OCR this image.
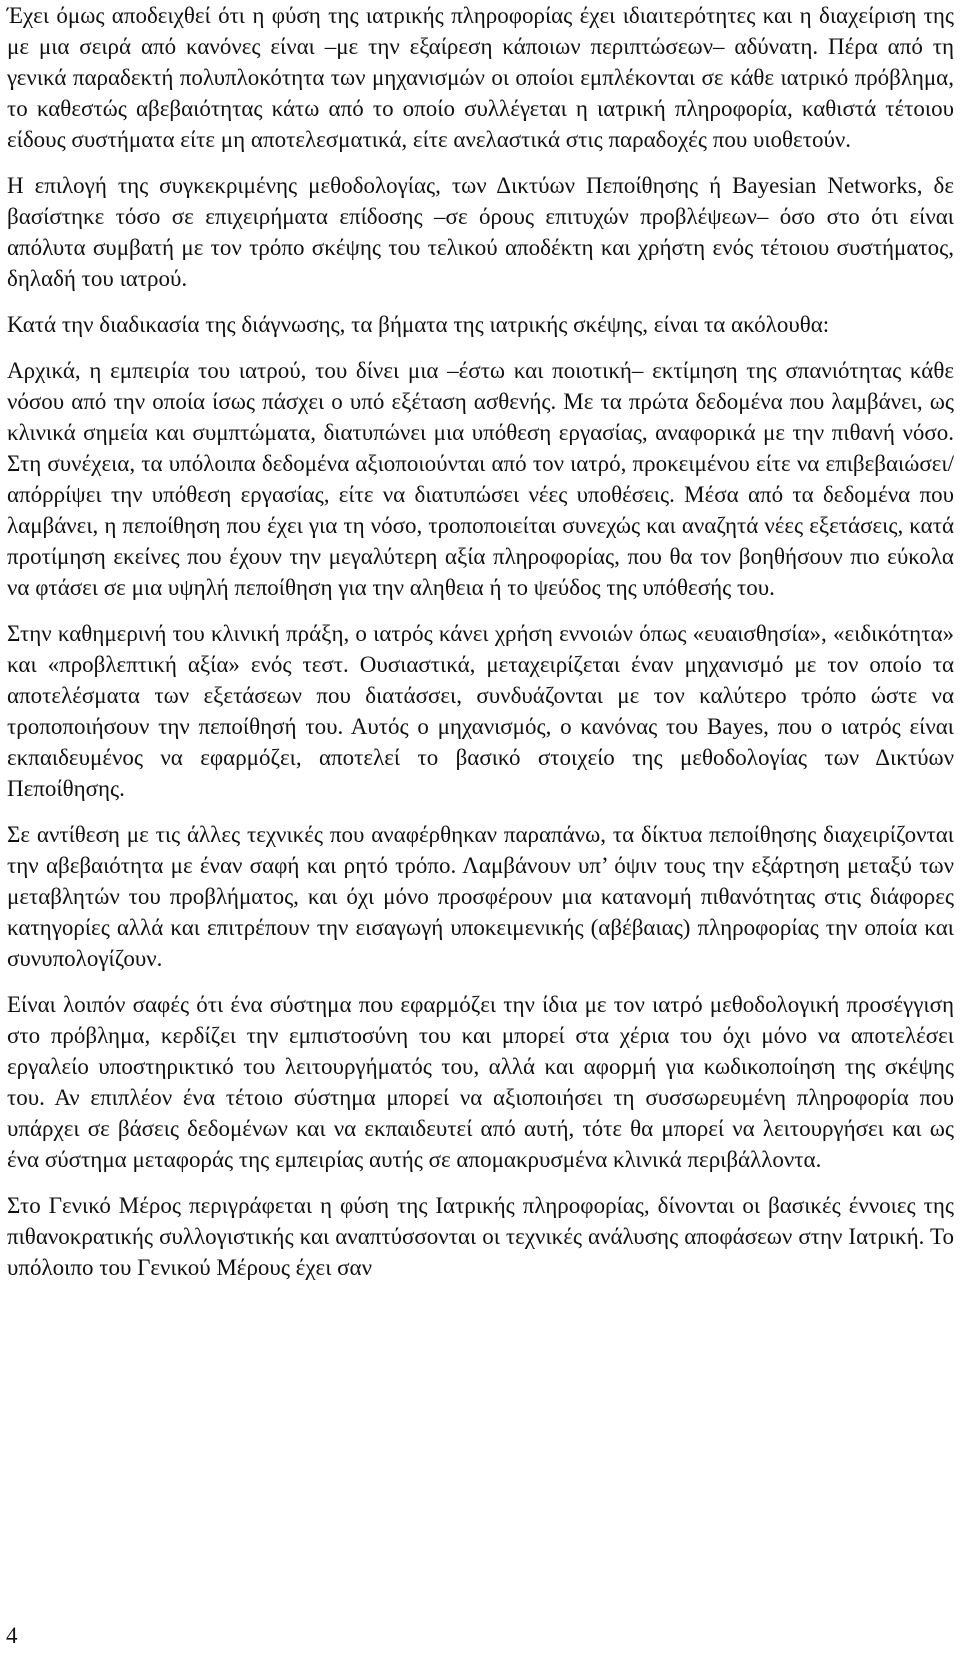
Έχει όμως αποδειχθεί ότι η φύση της ιατρικής πληροφορίας έχει ιδιαιτερότητες και η διαχείριση της με μια σειρά από κανόνες είναι –με την εξαίρεση κάποιων περιπτώσεων– αδύνατη. Πέρα από τη γενικά παραδεκτή πολυπλοκότητα των μηχανισμών οι οποίοι εμπλέκονται σε κάθε ιατρικό πρόβλημα, το καθεστώς αβεβαιότητας κάτω από το οποίο συλλέγεται η ιατρική πληροφορία, καθιστά τέτοιου είδους συστήματα είτε μη αποτελεσματικά, είτε ανελαστικά στις παραδοχές που υιοθετούν.

Η επιλογή της συγκεκριμένης μεθοδολογίας, των Δικτύων Πεποίθησης ή Bayesian Networks, δε βασίστηκε τόσο σε επιχειρήματα επίδοσης –σε όρους επιτυχών προβλέψεων– όσο στο ότι είναι απόλυτα συμβατή με τον τρόπο σκέψης του τελικού αποδέκτη και χρήστη ενός τέτοιου συστήματος, δηλαδή του ιατρού.

Κατά την διαδικασία της διάγνωσης, τα βήματα της ιατρικής σκέψης, είναι τα ακόλουθα:

Αρχικά, η εμπειρία του ιατρού, του δίνει μια –έστω και ποιοτική– εκτίμηση της σπανιότητας κάθε νόσου από την οποία ίσως πάσχει ο υπό εξέταση ασθενής. Με τα πρώτα δεδομένα που λαμβάνει, ως κλινικά σημεία και συμπτώματα, διατυπώνει μια υπόθεση εργασίας, αναφορικά με την πιθανή νόσο. Στη συνέχεια, τα υπόλοιπα δεδομένα αξιοποιούνται από τον ιατρό, προκειμένου είτε να επιβεβαιώσει/απόρρίψει την υπόθεση εργασίας, είτε να διατυπώσει νέες υποθέσεις. Μέσα από τα δεδομένα που λαμβάνει, η πεποίθηση που έχει για τη νόσο, τροποποιείται συνεχώς και αναζητά νέες εξετάσεις, κατά προτίμηση εκείνες που έχουν την μεγαλύτερη αξία πληροφορίας, που θα τον βοηθήσουν πιο εύκολα να φτάσει σε μια υψηλή πεποίθηση για την αληθεια ή το ψεύδος της υπόθεσής του.

Στην καθημερινή του κλινική πράξη, ο ιατρός κάνει χρήση εννοιών όπως «ευαισθησία», «ειδικότητα» και «προβλεπτική αξία» ενός τεστ. Ουσιαστικά, μεταχειρίζεται έναν μηχανισμό με τον οποίο τα αποτελέσματα των εξετάσεων που διατάσσει, συνδυάζονται με τον καλύτερο τρόπο ώστε να τροποποιήσουν την πεποίθησή του. Αυτός ο μηχανισμός, ο κανόνας του Bayes, που ο ιατρός είναι εκπαιδευμένος να εφαρμόζει, αποτελεί το βασικό στοιχείο της μεθοδολογίας των Δικτύων Πεποίθησης.

Σε αντίθεση με τις άλλες τεχνικές που αναφέρθηκαν παραπάνω, τα δίκτυα πεποίθησης διαχειρίζονται την αβεβαιότητα με έναν σαφή και ρητό τρόπο. Λαμβάνουν υπ’ όψιν τους την εξάρτηση μεταξύ των μεταβλητών του προβλήματος, και όχι μόνο προσφέρουν μια κατανομή πιθανότητας στις διάφορες κατηγορίες αλλά και επιτρέπουν την εισαγωγή υποκειμενικής (αβέβαιας) πληροφορίας την οποία και συνυπολογίζουν.

Είναι λοιπόν σαφές ότι ένα σύστημα που εφαρμόζει την ίδια με τον ιατρό μεθοδολογική προσέγγιση στο πρόβλημα, κερδίζει την εμπιστοσύνη του και μπορεί στα χέρια του όχι μόνο να αποτελέσει εργαλείο υποστηρικτικό του λειτουργήματός του, αλλά και αφορμή για κωδικοποίηση της σκέψης του. Αν επιπλέον ένα τέτοιο σύστημα μπορεί να αξιοποιήσει τη συσσωρευμένη πληροφορία που υπάρχει σε βάσεις δεδομένων και να εκπαιδευτεί από αυτή, τότε θα μπορεί να λειτουργήσει και ως ένα σύστημα μεταφοράς της εμπειρίας αυτής σε απομακρυσμένα κλινικά περιβάλλοντα.

Στο Γενικό Μέρος περιγράφεται η φύση της Ιατρικής πληροφορίας, δίνονται οι βασικές έννοιες της πιθανοκρατικής συλλογιστικής και αναπτύσσονται οι τεχνικές ανάλυσης αποφάσεων στην Ιατρική. Το υπόλοιπο του Γενικού Μέρους έχει σαν

4
